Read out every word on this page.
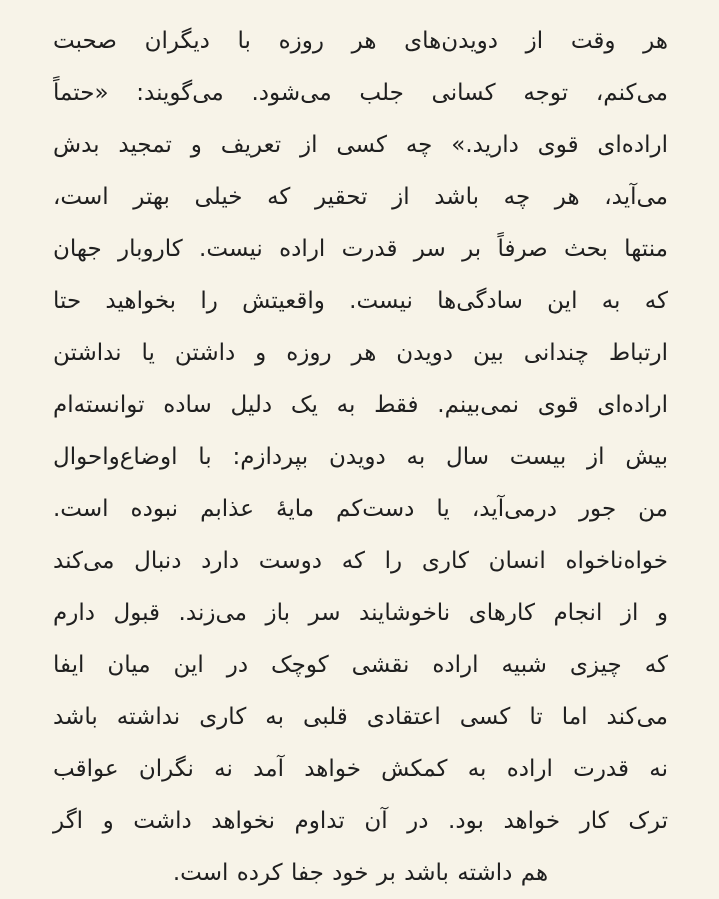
هر وقت از دویدن‌های هر روزه با دیگران صحبت
می‌کنم، توجه کسانی جلب می‌شود. می‌گویند: «حتماً
اراده‌ای قوی دارید.» چه کسی از تعریف و تمجید بدش
می‌آید، هر چه باشد از تحقیر که خیلی بهتر است،
منتها بحث صرفاً بر سر قدرت اراده نیست. کاروبار جهان
که به این سادگی‌ها نیست. واقعیتش را بخواهید حتا
ارتباط چندانی بین دویدن هر روزه و داشتن یا نداشتن
اراده‌ای قوی نمی‌بینم. فقط به یک دلیل ساده توانسته‌ام
بیش از بیست سال به دویدن بپردازم: با اوضاع‌واحوال
من جور درمی‌آید، یا دست‌کم مایهٔ عذابم نبوده است.
خواه‌ناخواه انسان کاری را که دوست دارد دنبال می‌کند
و از انجام کارهای ناخوشایند سر باز می‌زند. قبول دارم
که چیزی شبیه اراده نقشی کوچک در این میان ایفا
می‌کند اما تا کسی اعتقادی قلبی به کاری نداشته باشد
نه قدرت اراده به کمکش خواهد آمد نه نگران عواقب
ترک کار خواهد بود. در آن تداوم نخواهد داشت و اگر
هم داشته باشد بر خود جفا کرده است.
